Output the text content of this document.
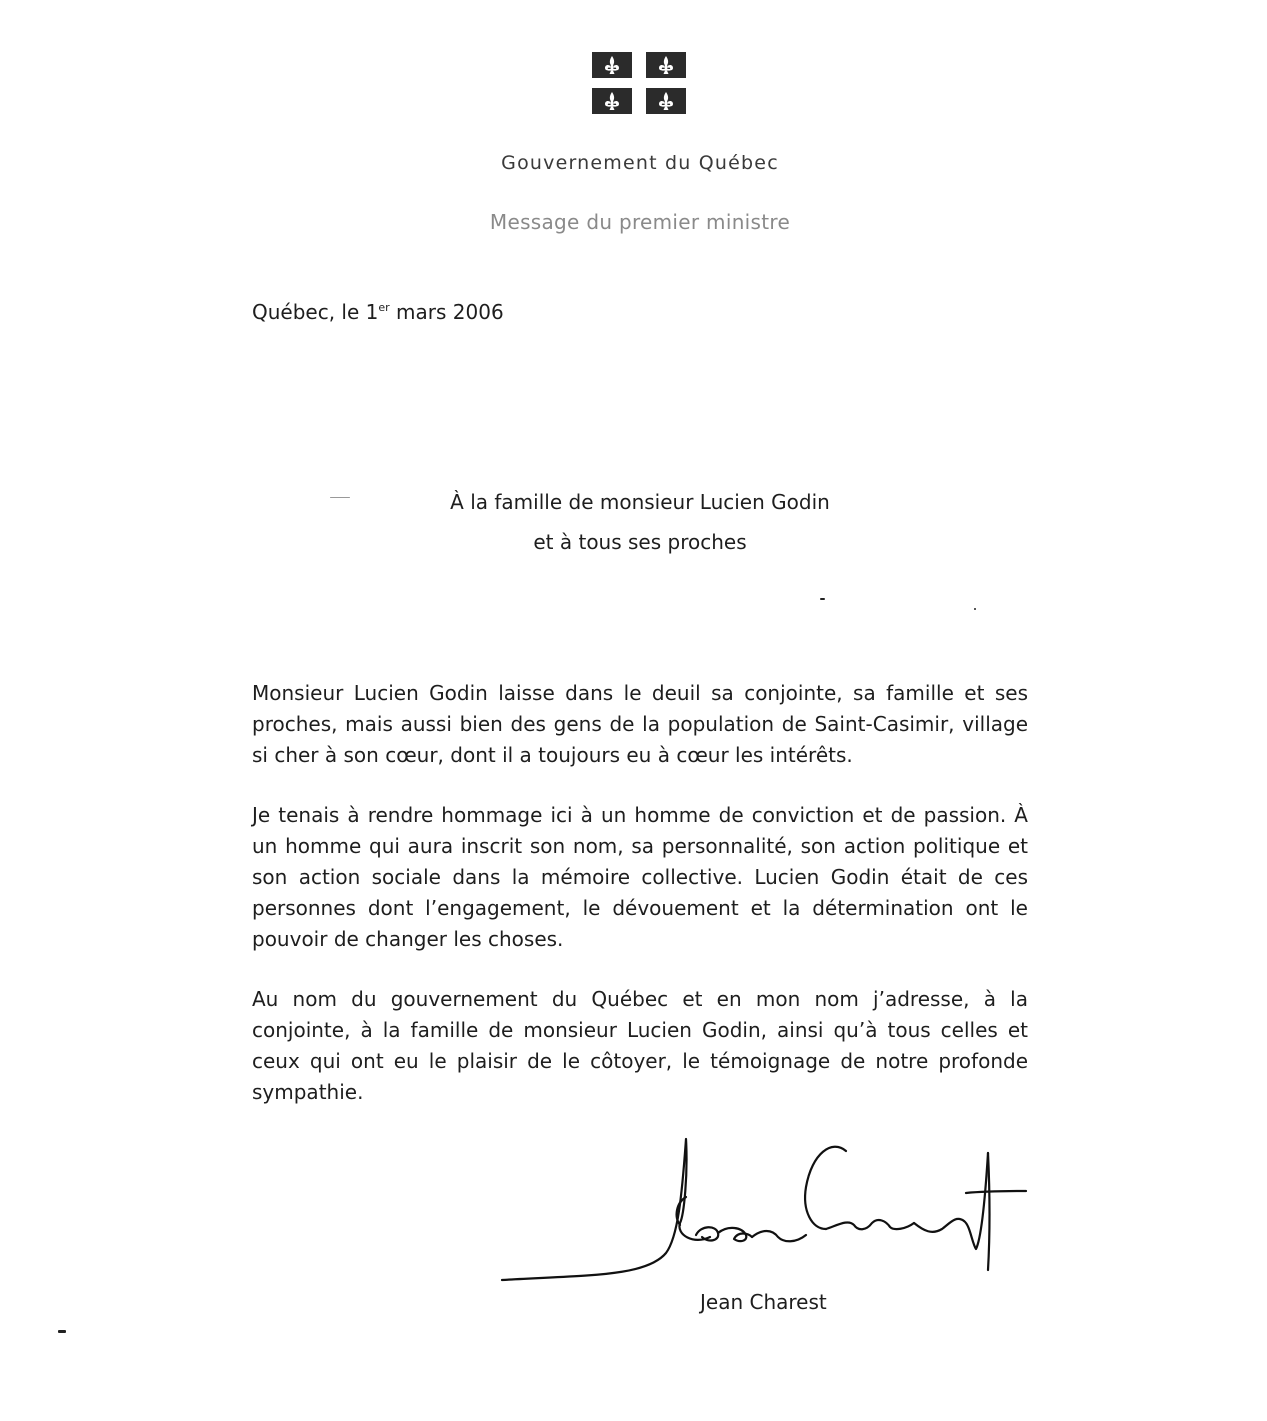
Gouvernement du Québec
Message du premier ministre
Québec, le 1er mars 2006
À la famille de monsieur Lucien Godin
et à tous ses proches

Monsieur Lucien Godin laisse dans le deuil sa conjointe, sa famille et ses proches, mais aussi bien des gens de la population de Saint-Casimir, village si cher à son cœur, dont il a toujours eu à cœur les intérêts.

Je tenais à rendre hommage ici à un homme de conviction et de passion. À un homme qui aura inscrit son nom, sa personnalité, son action politique et son action sociale dans la mémoire collective. Lucien Godin était de ces personnes dont l’engagement, le dévouement et la détermination ont le pouvoir de changer les choses.

Au nom du gouvernement du Québec et en mon nom j’adresse, à la conjointe, à la famille de monsieur Lucien Godin, ainsi qu’à tous celles et ceux qui ont eu le plaisir de le côtoyer, le témoignage de notre profonde sympathie.

Jean Charest
